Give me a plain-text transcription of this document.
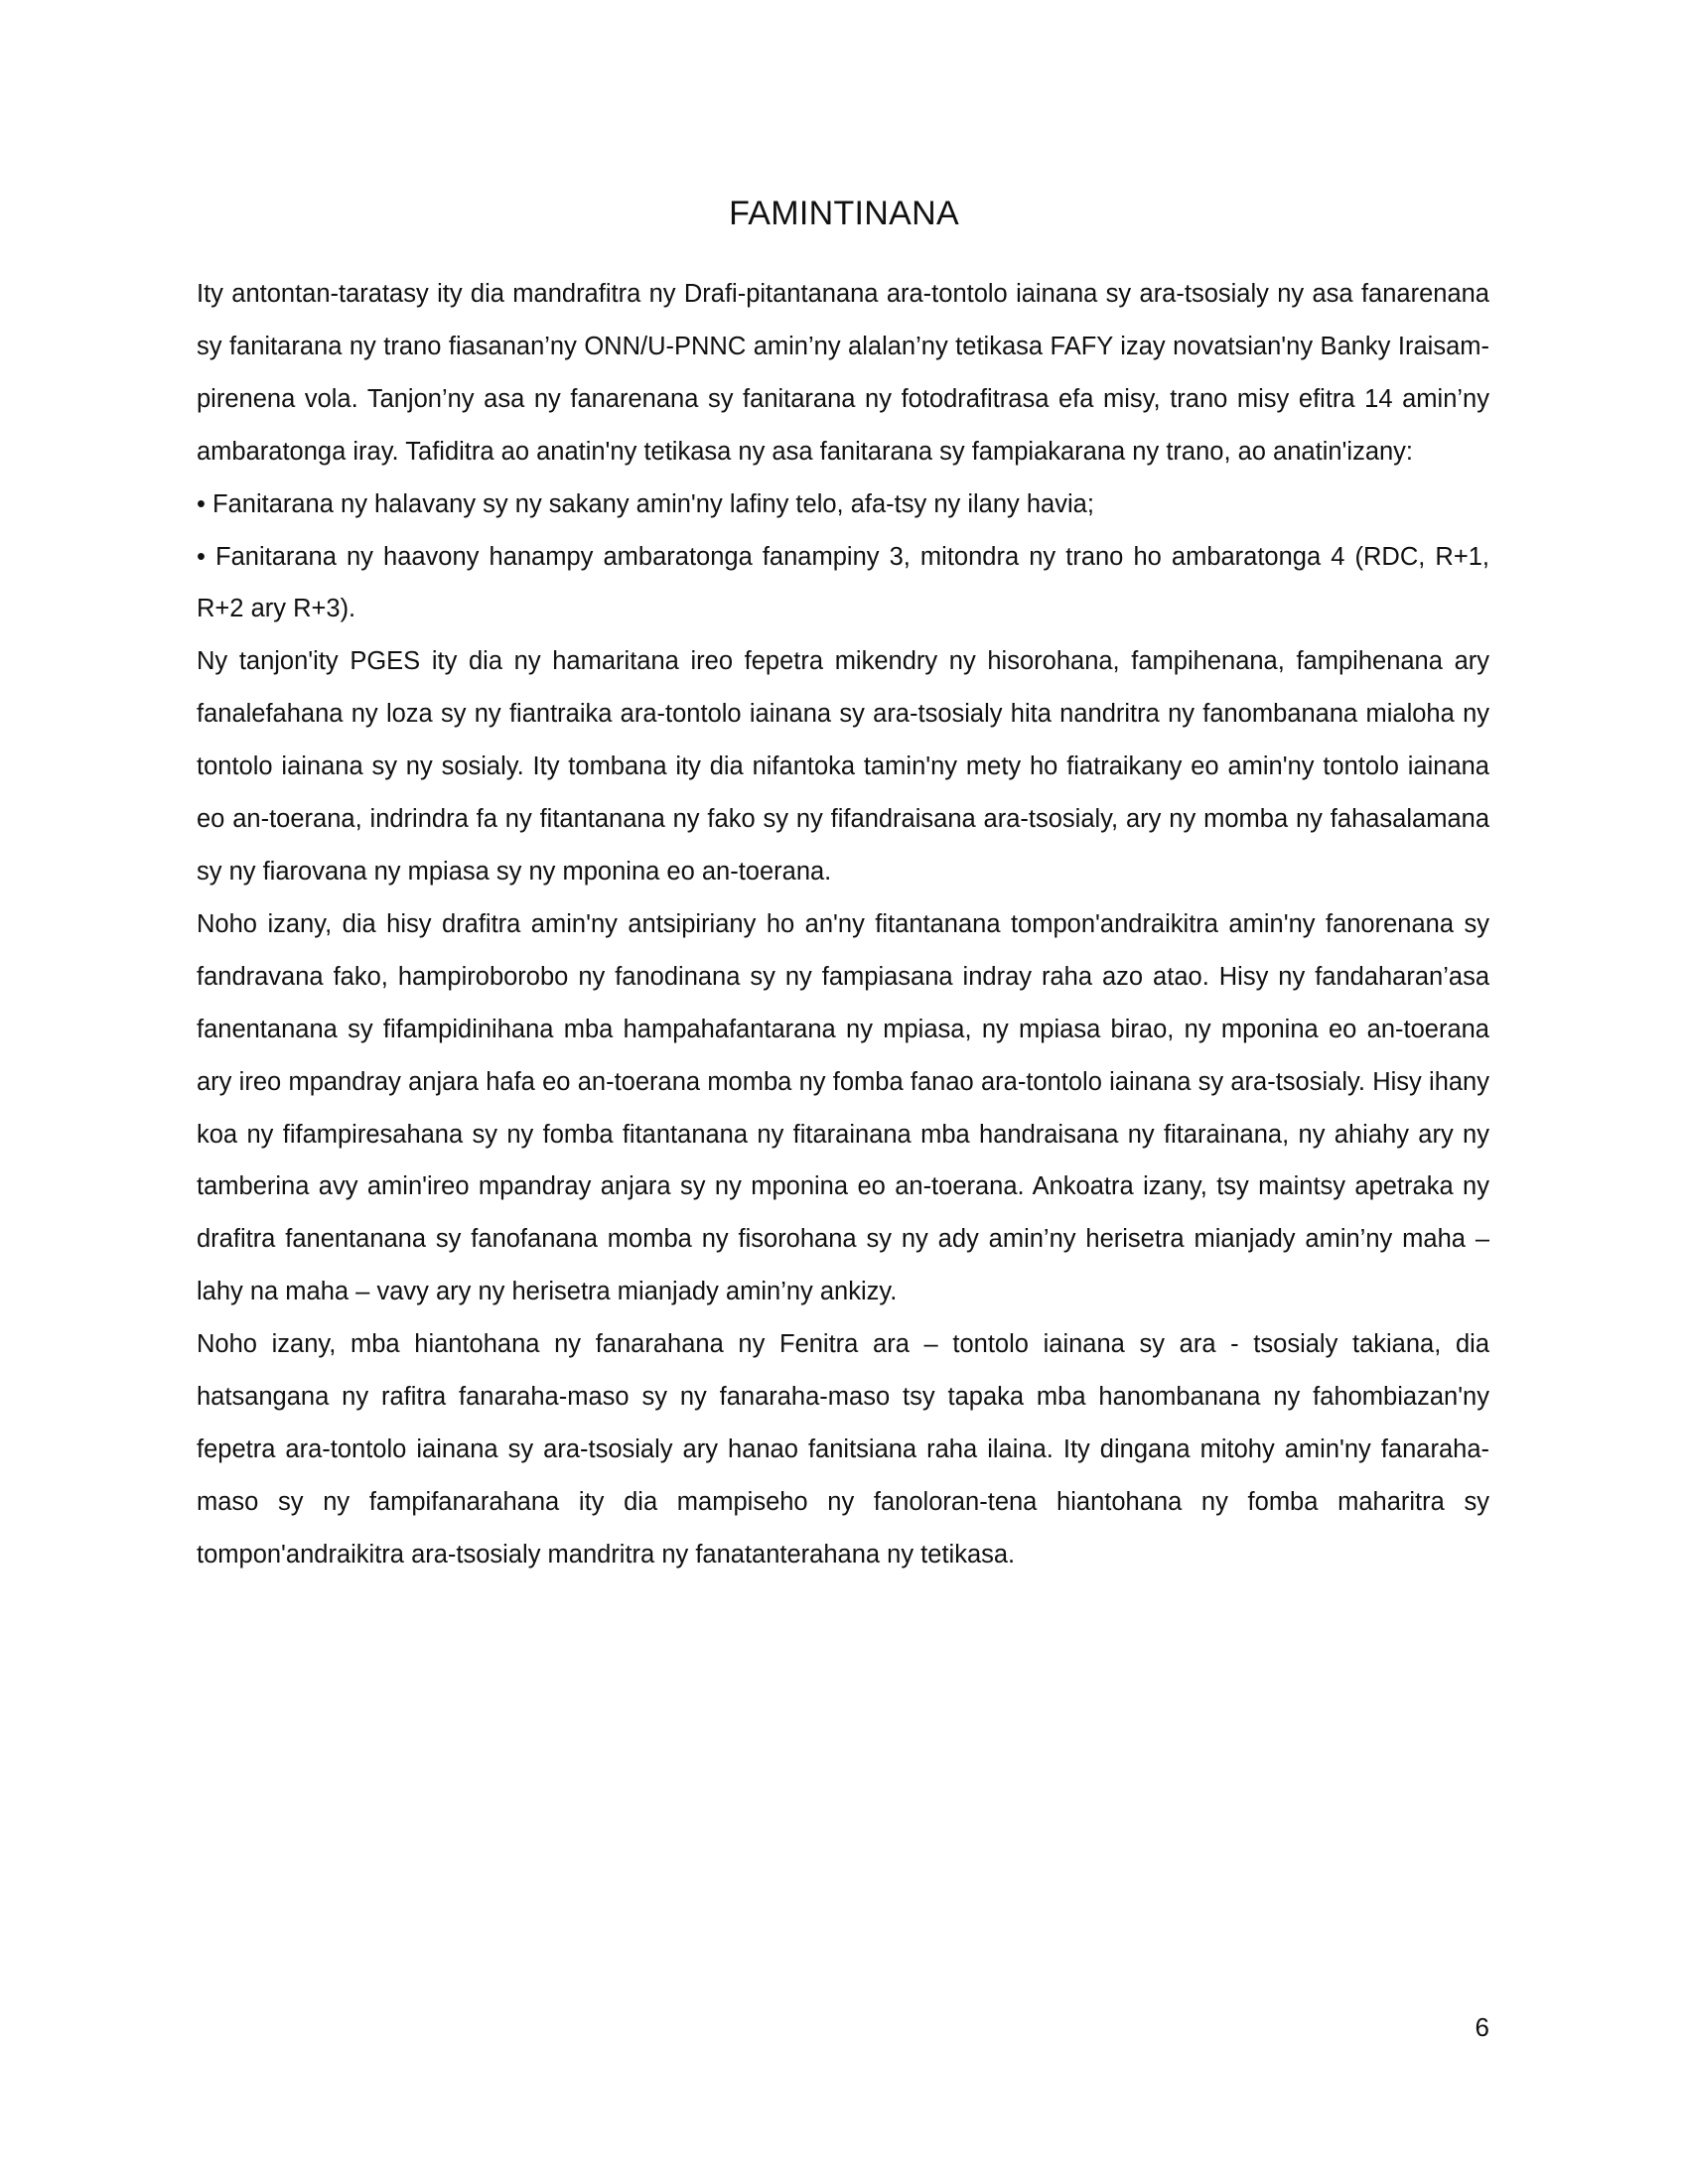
FAMINTINANA

Ity antontan-taratasy ity dia mandrafitra ny Drafi-pitantanana ara-tontolo iainana sy ara-tsosialy ny asa fanarenana sy fanitarana ny trano fiasanan’ny ONN/U-PNNC amin’ny alalan’ny tetikasa FAFY izay novatsian'ny Banky Iraisam-pirenena vola. Tanjon’ny asa ny fanarenana sy fanitarana ny fotodrafitrasa efa misy, trano misy efitra 14 amin’ny ambaratonga iray. Tafiditra ao anatin'ny tetikasa ny asa fanitarana sy fampiakarana ny trano, ao anatin'izany:

• Fanitarana ny halavany sy ny sakany amin'ny lafiny telo, afa-tsy ny ilany havia;

• Fanitarana ny haavony hanampy ambaratonga fanampiny 3, mitondra ny trano ho ambaratonga 4 (RDC, R+1, R+2 ary R+3).

Ny tanjon'ity PGES ity dia ny hamaritana ireo fepetra mikendry ny hisorohana, fampihenana, fampihenana ary fanalefahana ny loza sy ny fiantraika ara-tontolo iainana sy ara-tsosialy hita nandritra ny fanombanana mialoha ny tontolo iainana sy ny sosialy. Ity tombana ity dia nifantoka tamin'ny mety ho fiatraikany eo amin'ny tontolo iainana eo an-toerana, indrindra fa ny fitantanana ny fako sy ny fifandraisana ara-tsosialy, ary ny momba ny fahasalamana sy ny fiarovana ny mpiasa sy ny mponina eo an-toerana.

Noho izany, dia hisy drafitra amin'ny antsipiriany ho an'ny fitantanana tompon'andraikitra amin'ny fanorenana sy fandravana fako, hampiroborobo ny fanodinana sy ny fampiasana indray raha azo atao. Hisy ny fandaharan’asa fanentanana sy fifampidinihana mba hampahafantarana ny mpiasa, ny mpiasa birao, ny mponina eo an-toerana ary ireo mpandray anjara hafa eo an-toerana momba ny fomba fanao ara-tontolo iainana sy ara-tsosialy. Hisy ihany koa ny fifampiresahana sy ny fomba fitantanana ny fitarainana mba handraisana ny fitarainana, ny ahiahy ary ny tamberina avy amin'ireo mpandray anjara sy ny mponina eo an-toerana. Ankoatra izany, tsy maintsy apetraka ny drafitra fanentanana sy fanofanana momba ny fisorohana sy ny ady amin’ny herisetra mianjady amin’ny maha – lahy na maha – vavy ary ny herisetra mianjady amin’ny ankizy.

Noho izany, mba hiantohana ny fanarahana ny Fenitra ara – tontolo iainana sy ara - tsosialy takiana, dia hatsangana ny rafitra fanaraha-maso sy ny fanaraha-maso tsy tapaka mba hanombanana ny fahombiazan'ny fepetra ara-tontolo iainana sy ara-tsosialy ary hanao fanitsiana raha ilaina. Ity dingana mitohy amin'ny fanaraha-maso sy ny fampifanarahana ity dia mampiseho ny fanoloran-tena hiantohana ny fomba maharitra sy tompon'andraikitra ara-tsosialy mandritra ny fanatanterahana ny tetikasa.

6
